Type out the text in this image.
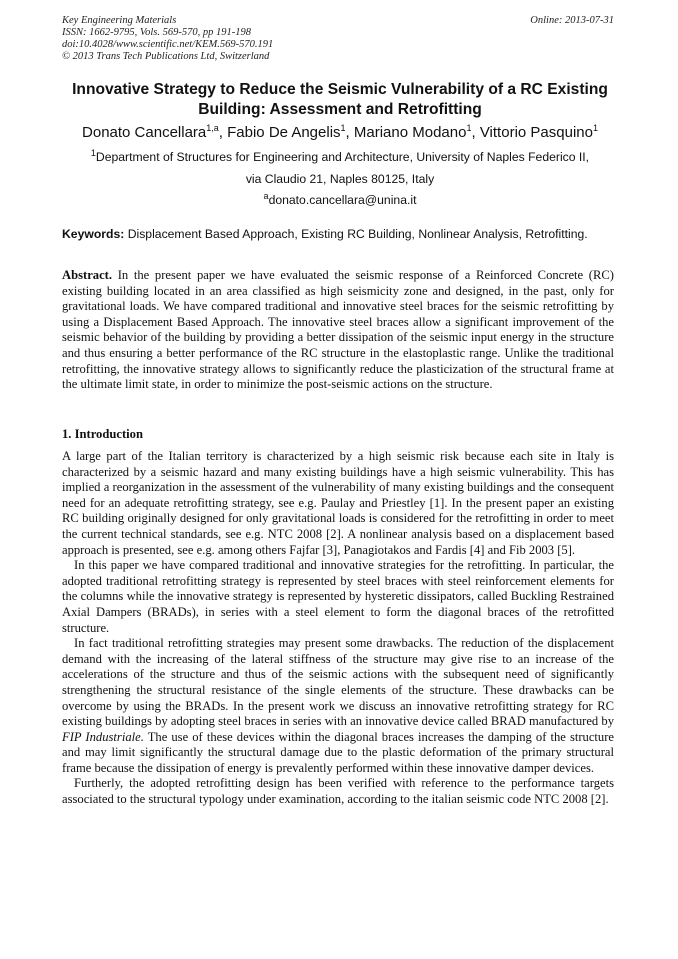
Key Engineering Materials
ISSN: 1662-9795, Vols. 569-570, pp 191-198
doi:10.4028/www.scientific.net/KEM.569-570.191
© 2013 Trans Tech Publications Ltd, Switzerland
Online: 2013-07-31
Innovative Strategy to Reduce the Seismic Vulnerability of a RC Existing Building: Assessment and Retrofitting
Donato Cancellara$^{1,a}$, Fabio De Angelis$^1$, Mariano Modano$^1$, Vittorio Pasquino$^1$
$^1$Department of Structures for Engineering and Architecture, University of Naples Federico II,
via Claudio 21, Naples 80125, Italy
$^a$donato.cancellara@unina.it
Keywords: Displacement Based Approach, Existing RC Building, Nonlinear Analysis, Retrofitting.
Abstract. In the present paper we have evaluated the seismic response of a Reinforced Concrete (RC) existing building located in an area classified as high seismicity zone and designed, in the past, only for gravitational loads. We have compared traditional and innovative steel braces for the seismic retrofitting by using a Displacement Based Approach. The innovative steel braces allow a significant improvement of the seismic behavior of the building by providing a better dissipation of the seismic input energy in the structure and thus ensuring a better performance of the RC structure in the elastoplastic range. Unlike the traditional retrofitting, the innovative strategy allows to significantly reduce the plasticization of the structural frame at the ultimate limit state, in order to minimize the post-seismic actions on the structure.
1. Introduction

A large part of the Italian territory is characterized by a high seismic risk because each site in Italy is characterized by a seismic hazard and many existing buildings have a high seismic vulnerability. This has implied a reorganization in the assessment of the vulnerability of many existing buildings and the consequent need for an adequate retrofitting strategy, see e.g. Paulay and Priestley [1]. In the present paper an existing RC building originally designed for only gravitational loads is considered for the retrofitting in order to meet the current technical standards, see e.g. NTC 2008 [2]. A nonlinear analysis based on a displacement based approach is presented, see e.g. among others Fajfar [3], Panagiotakos and Fardis [4] and Fib 2003 [5].

In this paper we have compared traditional and innovative strategies for the retrofitting. In particular, the adopted traditional retrofitting strategy is represented by steel braces with steel reinforcement elements for the columns while the innovative strategy is represented by hysteretic dissipators, called Buckling Restrained Axial Dampers (BRADs), in series with a steel element to form the diagonal braces of the retrofitted structure.

In fact traditional retrofitting strategies may present some drawbacks. The reduction of the displacement demand with the increasing of the lateral stiffness of the structure may give rise to an increase of the accelerations of the structure and thus of the seismic actions with the subsequent need of significantly strengthening the structural resistance of the single elements of the structure. These drawbacks can be overcome by using the BRADs. In the present work we discuss an innovative retrofitting strategy for RC existing buildings by adopting steel braces in series with an innovative device called BRAD manufactured by FIP Industriale. The use of these devices within the diagonal braces increases the damping of the structure and may limit significantly the structural damage due to the plastic deformation of the primary structural frame because the dissipation of energy is prevalently performed within these innovative damper devices.

Furtherly, the adopted retrofitting design has been verified with reference to the performance targets associated to the structural typology under examination, according to the italian seismic code NTC 2008 [2].
